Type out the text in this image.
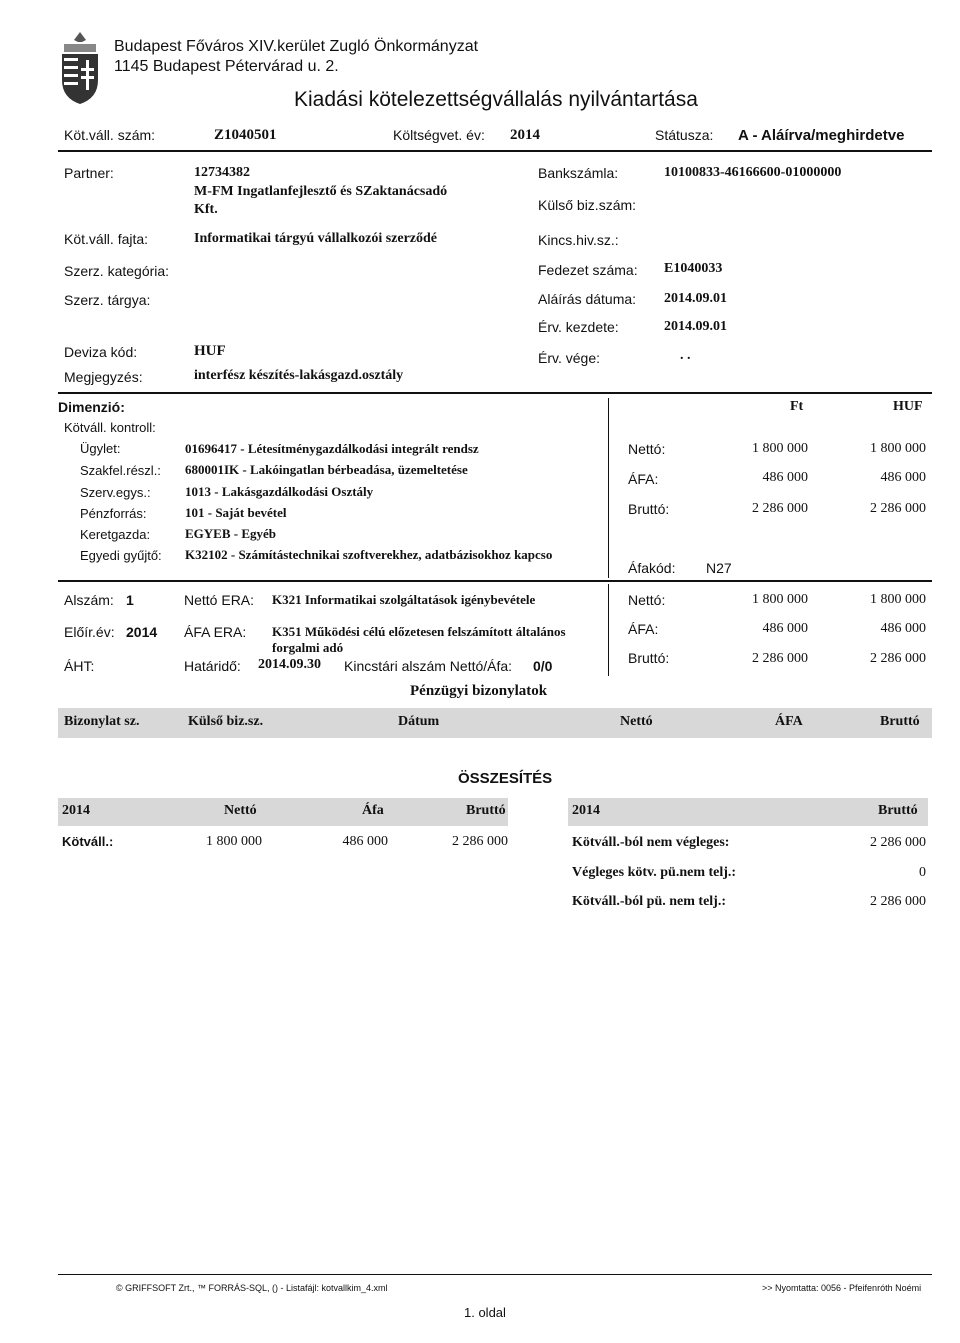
Budapest Főváros XIV.kerület Zugló Önkormányzat
1145 Budapest Pétervárad u. 2.
Kiadási kötelezettségvállalás nyilvántartása
Köt.váll. szám:	Z1040501	Költségvet. év: 2014	Státusza: A - Aláírva/meghirdetve
Partner:	12734382
M-FM Ingatlanfejlesztő és SZaktanácsadó
Kft.
Köt.váll. fajta:	Informatikai tárgyú vállalkozói szerződé
Szerz. kategória:
Szerz. tárgya:
Deviza kód:	HUF
Megjegyzés:	interfész készítés-lakásgazd.osztály
Bankszámla:	10100833-46166600-01000000
Külső biz.szám:
Kincs.hiv.sz.:
Fedezet száma: E1040033
Aláírás dátuma: 2014.09.01
Érv. kezdete:	2014.09.01
Érv. vége:	. .
Dimenzió:	Ft	HUF
Kötváll. kontroll:
Ügylet:	01696417 - Létesítménygazdálkodási integrált rendsz
Szakfel.részl.: 680001IK - Lakóingatlan bérbeadása, üzemeltetése
Szerv.egys.:	1013 - Lakásgazdálkodási Osztály
Pénzforrás:	101 - Saját bevétel
Keretgazda:	EGYEB - Egyéb
Egyedi gyűjtő: K32102 - Számítástechnikai szoftverekhez, adatbázisokhoz kapcso
Nettó:	1 800 000	1 800 000
ÁFA:	486 000	486 000
Bruttó:	2 286 000	2 286 000
Áfakód: N27
Alszám: 1	Nettó ERA: K321 Informatikai szolgáltatások igénybevétele
Előír.év: 2014 ÁFA ERA: K351 Működési célú előzetesen felszámított általános
forgalmi adó
ÁHT:	Határidő: 2014.09.30 Kincstári alszám Nettó/Áfa: 0/0
Nettó:	1 800 000	1 800 000
ÁFA:	486 000	486 000
Bruttó:	2 286 000	2 286 000
Pénzügyi bizonylatok
Bizonylat sz.	Külső biz.sz.	Dátum	Nettó	ÁFA	Bruttó
ÖSSZESÍTÉS
2014	Nettó	Áfa	Bruttó
Kötváll.:	1 800 000	486 000	2 286 000
2014	Bruttó
Kötváll.-ból nem végleges:	2 286 000
Végleges kötv. pü.nem telj.:	0
Kötváll.-ból pü. nem telj.:	2 286 000
© GRIFFSOFT Zrt., ™ FORRÁS-SQL, () - Listafájl: kotvallkim_4.xml	>> Nyomtatta: 0056 - Pfeifenróth Noémi
1. oldal
